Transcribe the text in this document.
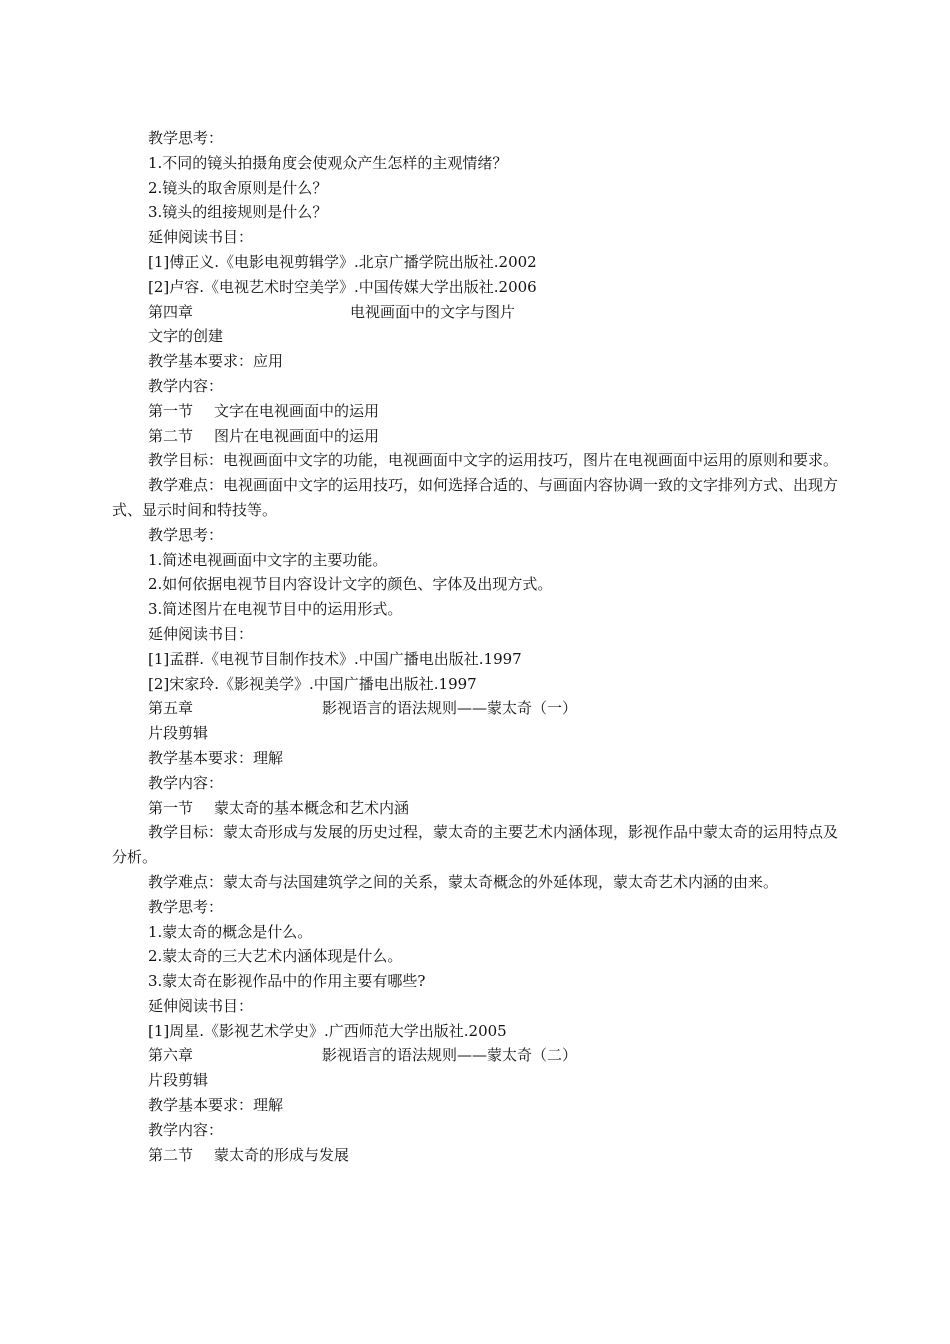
教学思考：
1.不同的镜头拍摄角度会使观众产生怎样的主观情绪？
2.镜头的取舍原则是什么？
3.镜头的组接规则是什么？
延伸阅读书目：
[1]傅正义.《电影电视剪辑学》.北京广播学院出版社.2002
[2]卢容.《电视艺术时空美学》.中国传媒大学出版社.2006
第四章	电视画面中的文字与图片
文字的创建
教学基本要求：应用
教学内容：
第一节 文字在电视画面中的运用
第二节 图片在电视画面中的运用
教学目标：电视画面中文字的功能，电视画面中文字的运用技巧，图片在电视画面中运用的原则和要求。
教学难点：电视画面中文字的运用技巧，如何选择合适的、与画面内容协调一致的文字排列方式、出现方式、显示时间和特技等。
教学思考：
1.简述电视画面中文字的主要功能。
2.如何依据电视节目内容设计文字的颜色、字体及出现方式。
3.简述图片在电视节目中的运用形式。
延伸阅读书目：
[1]孟群.《电视节目制作技术》.中国广播电出版社.1997
[2]宋家玲.《影视美学》.中国广播电出版社.1997
第五章	影视语言的语法规则——蒙太奇（一）
片段剪辑
教学基本要求：理解
教学内容：
第一节 蒙太奇的基本概念和艺术内涵
教学目标：蒙太奇形成与发展的历史过程，蒙太奇的主要艺术内涵体现，影视作品中蒙太奇的运用特点及分析。
教学难点：蒙太奇与法国建筑学之间的关系，蒙太奇概念的外延体现，蒙太奇艺术内涵的由来。
教学思考：
1.蒙太奇的概念是什么。
2.蒙太奇的三大艺术内涵体现是什么。
3.蒙太奇在影视作品中的作用主要有哪些?
延伸阅读书目：
[1]周星.《影视艺术学史》.广西师范大学出版社.2005
第六章	影视语言的语法规则——蒙太奇（二）
片段剪辑
教学基本要求：理解
教学内容：
第二节 蒙太奇的形成与发展
